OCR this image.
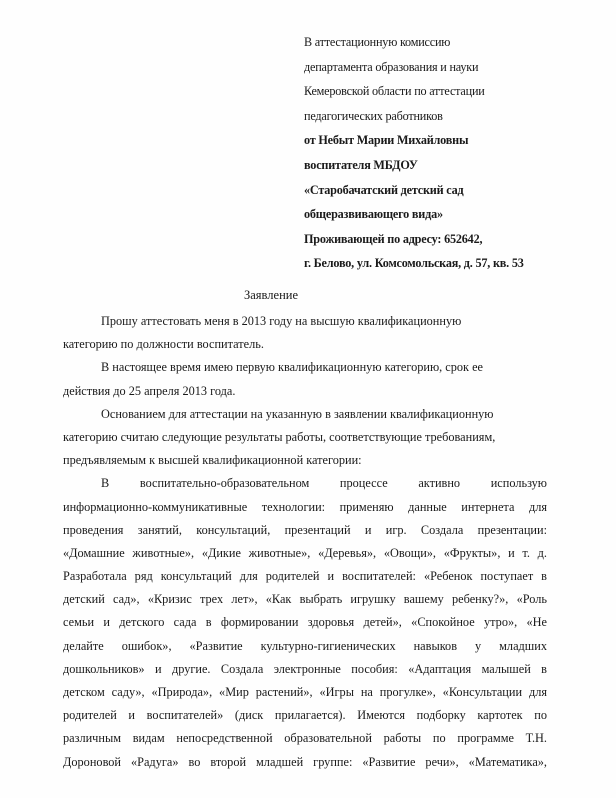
В аттестационную комиссию
департамента образования и науки
Кемеровской области по аттестации
педагогических работников
от Небыт Марии Михайловны
воспитателя МБДОУ
«Старобачатский детский сад
общеразвивающего вида»
Проживающей по адресу: 652642,
г. Белово, ул. Комсомольская, д. 57, кв. 53
Заявление
Прошу аттестовать меня в 2013 году на высшую квалификационную
категорию по должности воспитатель.
В настоящее время имею первую квалификационную категорию, срок ее
действия до 25 апреля 2013 года.
Основанием для аттестации на указанную в заявлении квалификационную
категорию считаю следующие результаты работы, соответствующие требованиям,
предъявляемым к высшей квалификационной категории:
В воспитательно-образовательном процессе активно использую
информационно-коммуникативные технологии: применяю данные интернета для
проведения занятий, консультаций, презентаций и игр. Создала презентации:
«Домашние животные», «Дикие животные», «Деревья», «Овощи», «Фрукты», и т. д.
Разработала ряд консультаций для родителей и воспитателей: «Ребенок поступает в
детский сад», «Кризис трех лет», «Как выбрать игрушку вашему ребенку?», «Роль
семьи и детского сада в формировании здоровья детей», «Спокойное утро», «Не
делайте ошибок», «Развитие культурно-гигиенических навыков у младших
дошкольников» и другие. Создала электронные пособия: «Адаптация малышей в
детском саду», «Природа», «Мир растений», «Игры на прогулке», «Консультации для
родителей и воспитателей» (диск прилагается). Имеются подборку картотек по
различным видам непосредственной образовательной работы по программе Т.Н.
Дороновой «Радуга» во второй младшей группе: «Развитие речи», «Математика»,
